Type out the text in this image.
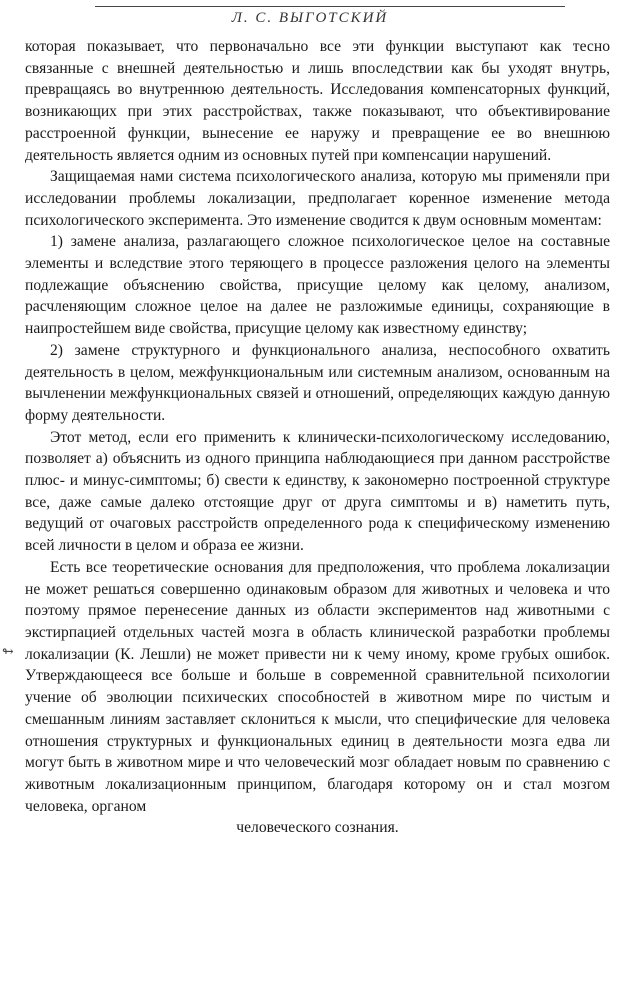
Л. С. ВЫГОТСКИЙ
↬

которая показывает, что первоначально все эти функции выступают как тесно связанные с внешней деятельностью и лишь впоследствии как бы уходят внутрь, превращаясь во внутреннюю деятельность. Исследования компенсаторных функций, возникающих при этих расстройствах, также показывают, что объективирование расстроенной функции, вынесение ее наружу и превращение ее во внешнюю деятельность является одним из основных путей при компенсации нарушений.

Защищаемая нами система психологического анализа, которую мы применяли при исследовании проблемы локализации, предполагает коренное изменение метода психологического эксперимента. Это изменение сводится к двум основным моментам:

1) замене анализа, разлагающего сложное психологическое целое на составные элементы и вследствие этого теряющего в процессе разложения целого на элементы подлежащие объяснению свойства, присущие целому как целому, анализом, расчленяющим сложное целое на далее не разложимые единицы, сохраняющие в наипростейшем виде свойства, присущие целому как известному единству;

2) замене структурного и функционального анализа, неспособного охватить деятельность в целом, межфункциональным или системным анализом, основанным на вычленении межфункциональных связей и отношений, определяющих каждую данную форму деятельности.

Этот метод, если его применить к клинически-психологическому исследованию, позволяет а) объяснить из одного принципа наблюдающиеся при данном расстройстве плюс- и минус-симптомы; б) свести к единству, к закономерно построенной структуре все, даже самые далеко отстоящие друг от друга симптомы и в) наметить путь, ведущий от очаговых расстройств определенного рода к специфическому изменению всей личности в целом и образа ее жизни.

Есть все теоретические основания для предположения, что проблема локализации не может решаться совершенно одинаковым образом для животных и человека и что поэтому прямое перенесение данных из области экспериментов над животными с экстирпацией отдельных частей мозга в область клинической разработки проблемы локализации (К. Лешли) не может привести ни к чему иному, кроме грубых ошибок. Утверждающееся все больше и больше в современной сравнительной психологии учение об эволюции психических способностей в животном мире по чистым и смешанным линиям заставляет склониться к мысли, что специфические для человека отношения структурных и функциональных единиц в деятельности мозга едва ли могут быть в животном мире и что человеческий мозг обладает новым по сравнению с животным локализационным принципом, благодаря которому он и стал мозгом человека, органом

человеческого сознания.
